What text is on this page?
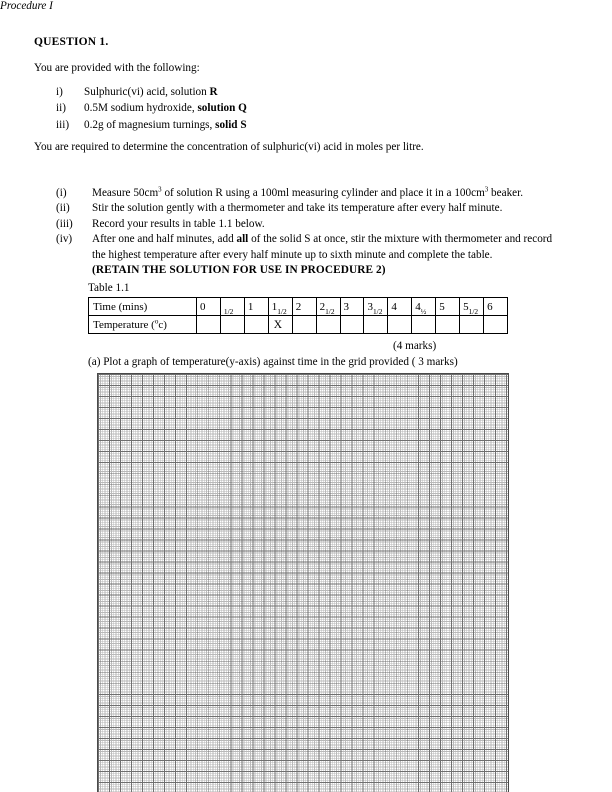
QUESTION 1.
You are provided with the following:
i)	Sulphuric(vi) acid, solution R
ii)	0.5M sodium hydroxide, solution Q
iii)	0.2g of magnesium turnings, solid S
You are required to determine the concentration of sulphuric(vi) acid in moles per litre.
Procedure I
(i)	Measure $50cm^3$ of solution R using a 100ml measuring cylinder and place it in a $100cm^3$ beaker.
(ii)	Stir the solution gently with a thermometer and take its temperature after every half minute.
(iii)	Record your results in table 1.1 below.
(iv)	After one and half minutes, add all of the solid S at once, stir the mixture with thermometer and record the highest temperature after every half minute up to sixth minute and complete the table.
(RETAIN THE SOLUTION FOR USE IN PROCEDURE 2)
Table 1.1
Time (mins)	0	$_{1/2}$	1	$1_{1/2}$	2	$2_{1/2}$	3	$3_{1/2}$	4	$4_{\frac{1}{2}}$	5	$5_{1/2}$	6
Temperature ($^o$c)				X									
(4 marks)
(a) Plot a graph of temperature(y-axis) against time in the grid provided ( 3 marks)
